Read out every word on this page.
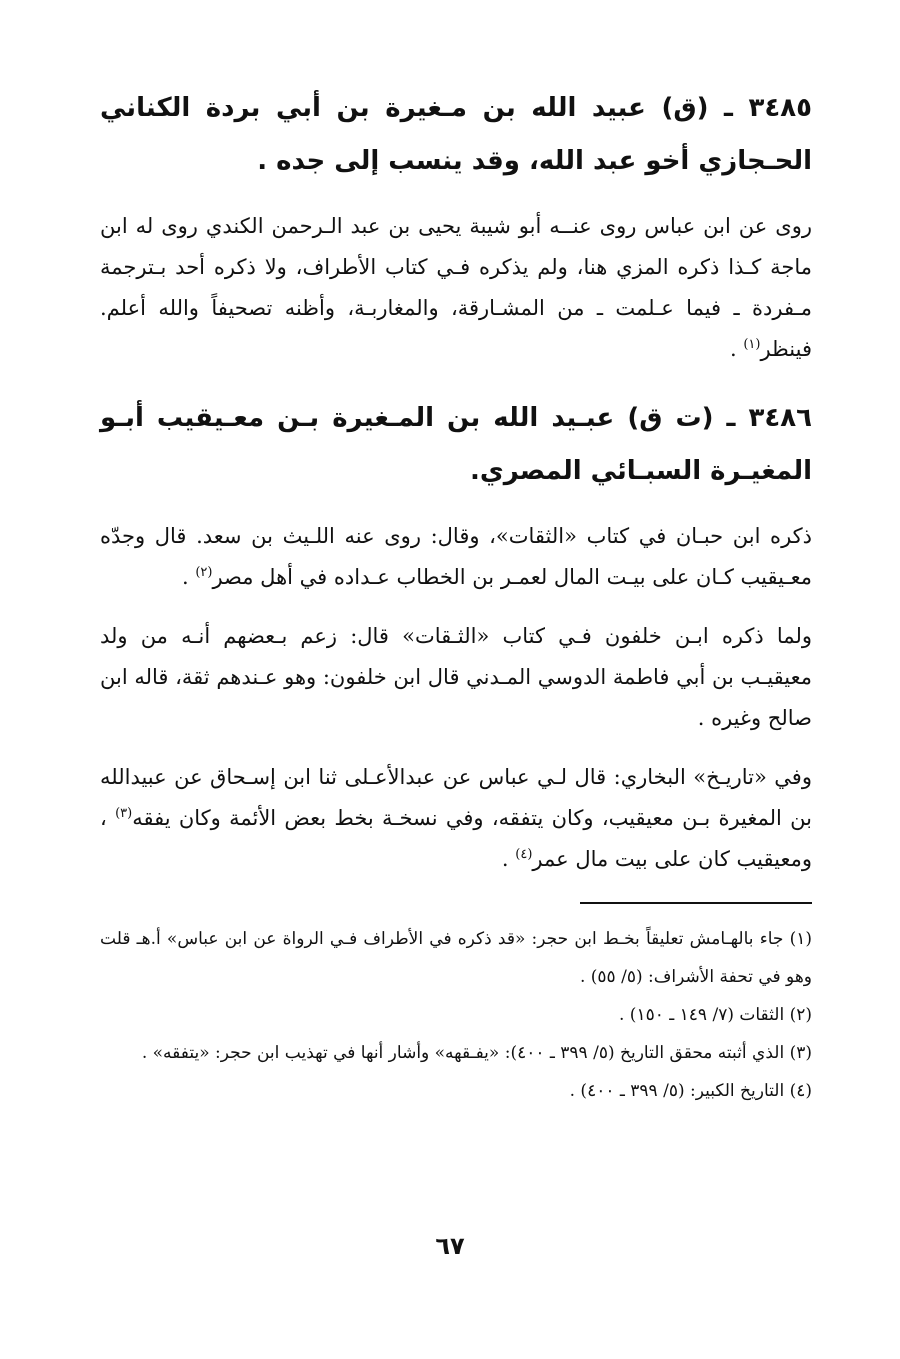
٣٤٨٥ ـ (ق) عبيد الله بن مـغيرة بن أبي بردة الكناني الحـجازي أخو عبد الله، وقد ينسب إلى جده .

روى عن ابن عباس روى عنــه أبو شيبة يحيى بن عبد الـرحمن الكندي روى له ابن ماجة كـذا ذكره المزي هنا، ولم يذكره فـي كتاب الأطراف، ولا ذكره أحد بـترجمة مـفردة ـ فيما عـلمت ـ من المشـارقة، والمغاربـة، وأظنه تصحيفاً والله أعلم. فينظر$^{(١)}$ .

٣٤٨٦ ـ (ت ق) عبـيد الله بن المـغيرة بـن معـيقيب أبـو المغيـرة السبـائي المصري.

ذكره ابن حبـان في كتاب «الثقات»، وقال: روى عنه اللـيث بن سعد. قال وجدّه معـيقيب كـان على بيـت المال لعمـر بن الخطاب عـداده في أهل مصر$^{(٢)}$ .

ولما ذكره ابـن خلفون فـي كتاب «الثـقات» قال: زعم بـعضهم أنـه من ولد معيقيـب بن أبي فاطمة الدوسي المـدني قال ابن خلفون: وهو عـندهم ثقة، قاله ابن صالح وغيره .

وفي «تاريـخ» البخاري: قال لـي عباس عن عبدالأعـلى ثنا ابن إسـحاق عن عبيدالله بن المغيرة بـن معيقيب، وكان يتفقه، وفي نسخـة بخط بعض الأئمة وكان يفقه$^{(٣)}$ ، ومعيقيب كان على بيت مال عمر$^{(٤)}$ .

(١) جاء بالهـامش تعليقاً بخـط ابن حجر: «قد ذكره في الأطراف فـي الرواة عن ابن عباس» أ.هـ قلت وهو في تحفة الأشراف: (٥/ ٥٥) .

(٢) الثقات (٧/ ١٤٩ ـ ١٥٠) .

(٣) الذي أثبته محقق التاريخ (٥/ ٣٩٩ ـ ٤٠٠): «يفـقهه» وأشار أنها في تهذيب ابن حجر: «يتفقه» .

(٤) التاريخ الكبير: (٥/ ٣٩٩ ـ ٤٠٠) .

٦٧
